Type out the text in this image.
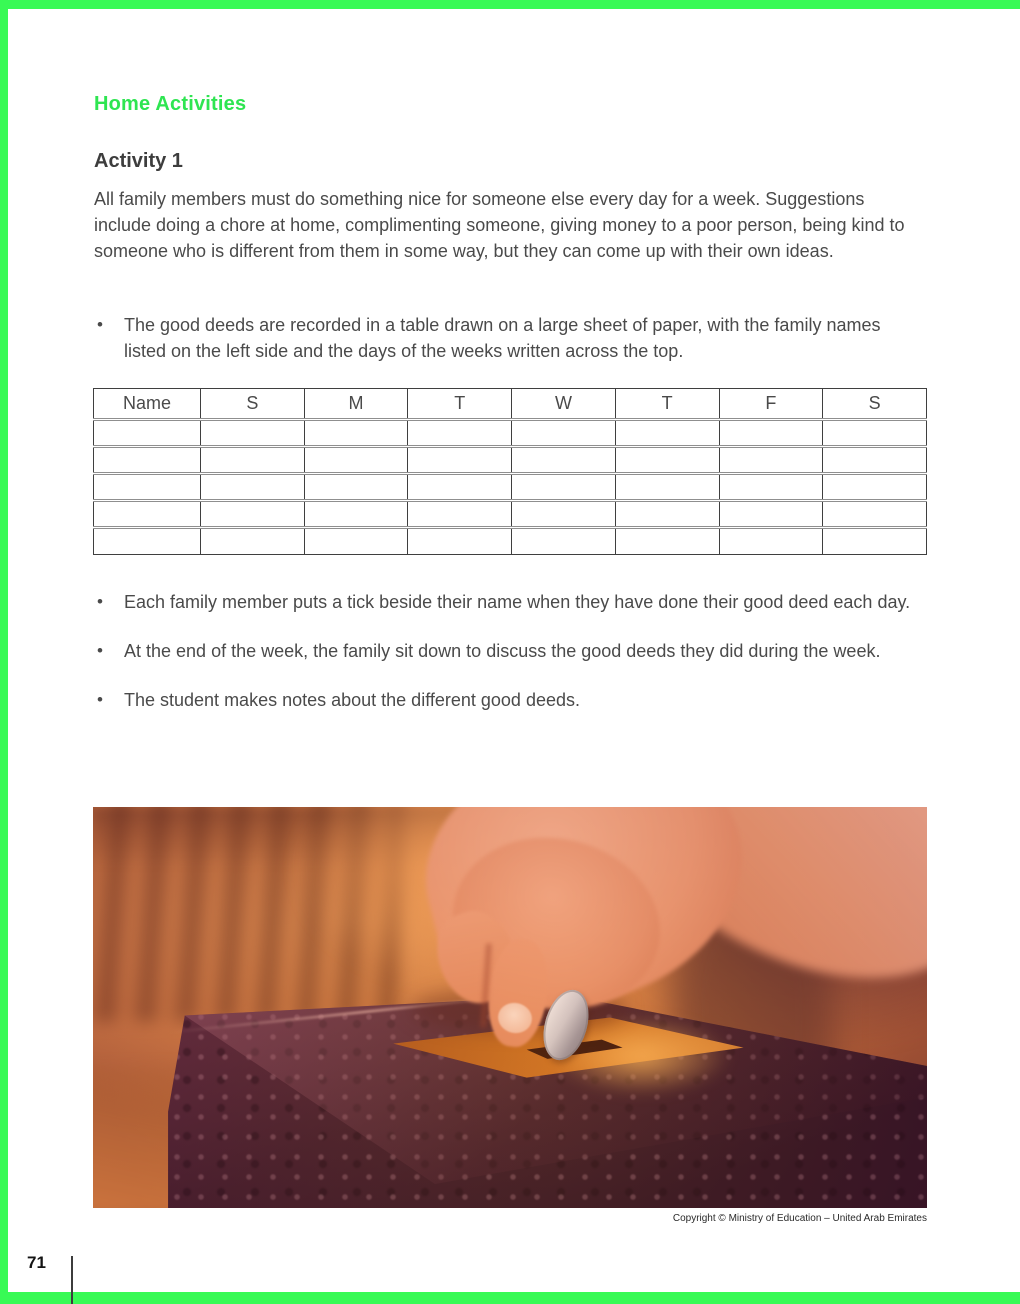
Home Activities
Activity 1

All family members must do something nice for someone else every day for a week. Suggestions include doing a chore at home, complimenting someone, giving money to a poor person, being kind to someone who is different from them in some way, but they can come up with their own ideas.

• The good deeds are recorded in a table drawn on a large sheet of paper, with the family names listed on the left side and the days of the weeks written across the top.
Name	S	M	T	W	T	F	S

• Each family member puts a tick beside their name when they have done their good deed each day.
• At the end of the week, the family sit down to discuss the good deeds they did during the week.
• The student makes notes about the different good deeds.
Copyright © Ministry of Education – United Arab Emirates
71
